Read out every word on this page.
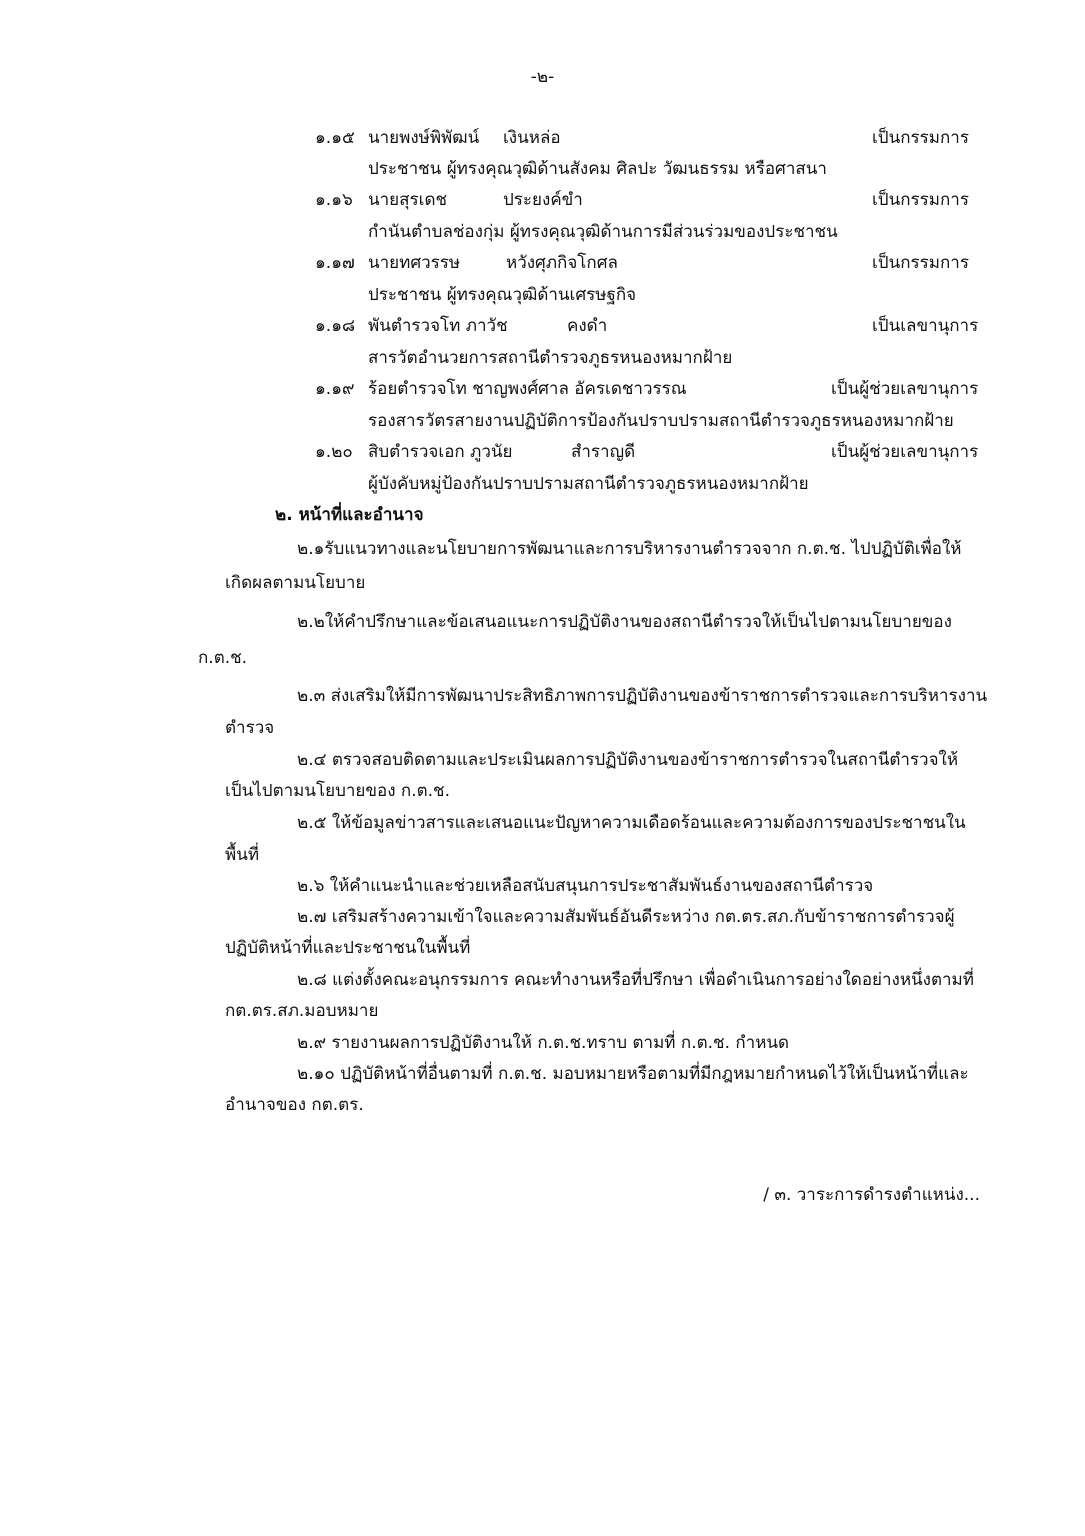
-๒-
๑.๑๕ นายพงษ์พิพัฒน์ เงินหล่อ	เป็นกรรมการ
ประชาชน ผู้ทรงคุณวุฒิด้านสังคม ศิลปะ วัฒนธรรม หรือศาสนา
๑.๑๖ นายสุรเดช	ประยงค์ขำ	เป็นกรรมการ
กำนันตำบลช่องกุ่ม ผู้ทรงคุณวุฒิด้านการมีส่วนร่วมของประชาชน
๑.๑๗ นายทศวรรษ	หวังศุภกิจโกศล	เป็นกรรมการ
ประชาชน ผู้ทรงคุณวุฒิด้านเศรษฐกิจ
๑.๑๘ พันตำรวจโท ภาวัช	คงดำ	เป็นเลขานุการ
สารวัตอำนวยการสถานีตำรวจภูธรหนองหมากฝ้าย
๑.๑๙ ร้อยตำรวจโท ชาญพงศ์ศาล อัครเดชาวรรณ	เป็นผู้ช่วยเลขานุการ
รองสารวัตรสายงานปฏิบัติการป้องกันปราบปรามสถานีตำรวจภูธรหนองหมากฝ้าย
๑.๒๐ สิบตำรวจเอก ภูวนัย	สำราญดี	เป็นผู้ช่วยเลขานุการ
ผู้บังคับหมู่ป้องกันปราบปรามสถานีตำรวจภูธรหนองหมากฝ้าย
๒. หน้าที่และอำนาจ
๒.๑รับแนวทางและนโยบายการพัฒนาและการบริหารงานตำรวจจาก ก.ต.ช. ไปปฏิบัติเพื่อให้
เกิดผลตามนโยบาย
๒.๒ให้คำปรึกษาและข้อเสนอแนะการปฏิบัติงานของสถานีตำรวจให้เป็นไปตามนโยบายของ
ก.ต.ช.
๒.๓ ส่งเสริมให้มีการพัฒนาประสิทธิภาพการปฏิบัติงานของข้าราชการตำรวจและการบริหารงาน
ตำรวจ
๒.๔ ตรวจสอบติดตามและประเมินผลการปฏิบัติงานของข้าราชการตำรวจในสถานีตำรวจให้
เป็นไปตามนโยบายของ ก.ต.ช.
๒.๕ ให้ข้อมูลข่าวสารและเสนอแนะปัญหาความเดือดร้อนและความต้องการของประชาชนใน
พื้นที่
๒.๖ ให้คำแนะนำและช่วยเหลือสนับสนุนการประชาสัมพันธ์งานของสถานีตำรวจ
๒.๗ เสริมสร้างความเข้าใจและความสัมพันธ์อันดีระหว่าง กต.ตร.สภ.กับข้าราชการตำรวจผู้
ปฏิบัติหน้าที่และประชาชนในพื้นที่
๒.๘ แต่งตั้งคณะอนุกรรมการ คณะทำงานหรือที่ปรึกษา เพื่อดำเนินการอย่างใดอย่างหนึ่งตามที่
กต.ตร.สภ.มอบหมาย
๒.๙ รายงานผลการปฏิบัติงานให้ ก.ต.ช.ทราบ ตามที่ ก.ต.ช. กำหนด
๒.๑๐ ปฏิบัติหน้าที่อื่นตามที่ ก.ต.ช. มอบหมายหรือตามที่มีกฎหมายกำหนดไว้ให้เป็นหน้าที่และ
อำนาจของ กต.ตร.
/ ๓. วาระการดำรงตำแหน่ง...
